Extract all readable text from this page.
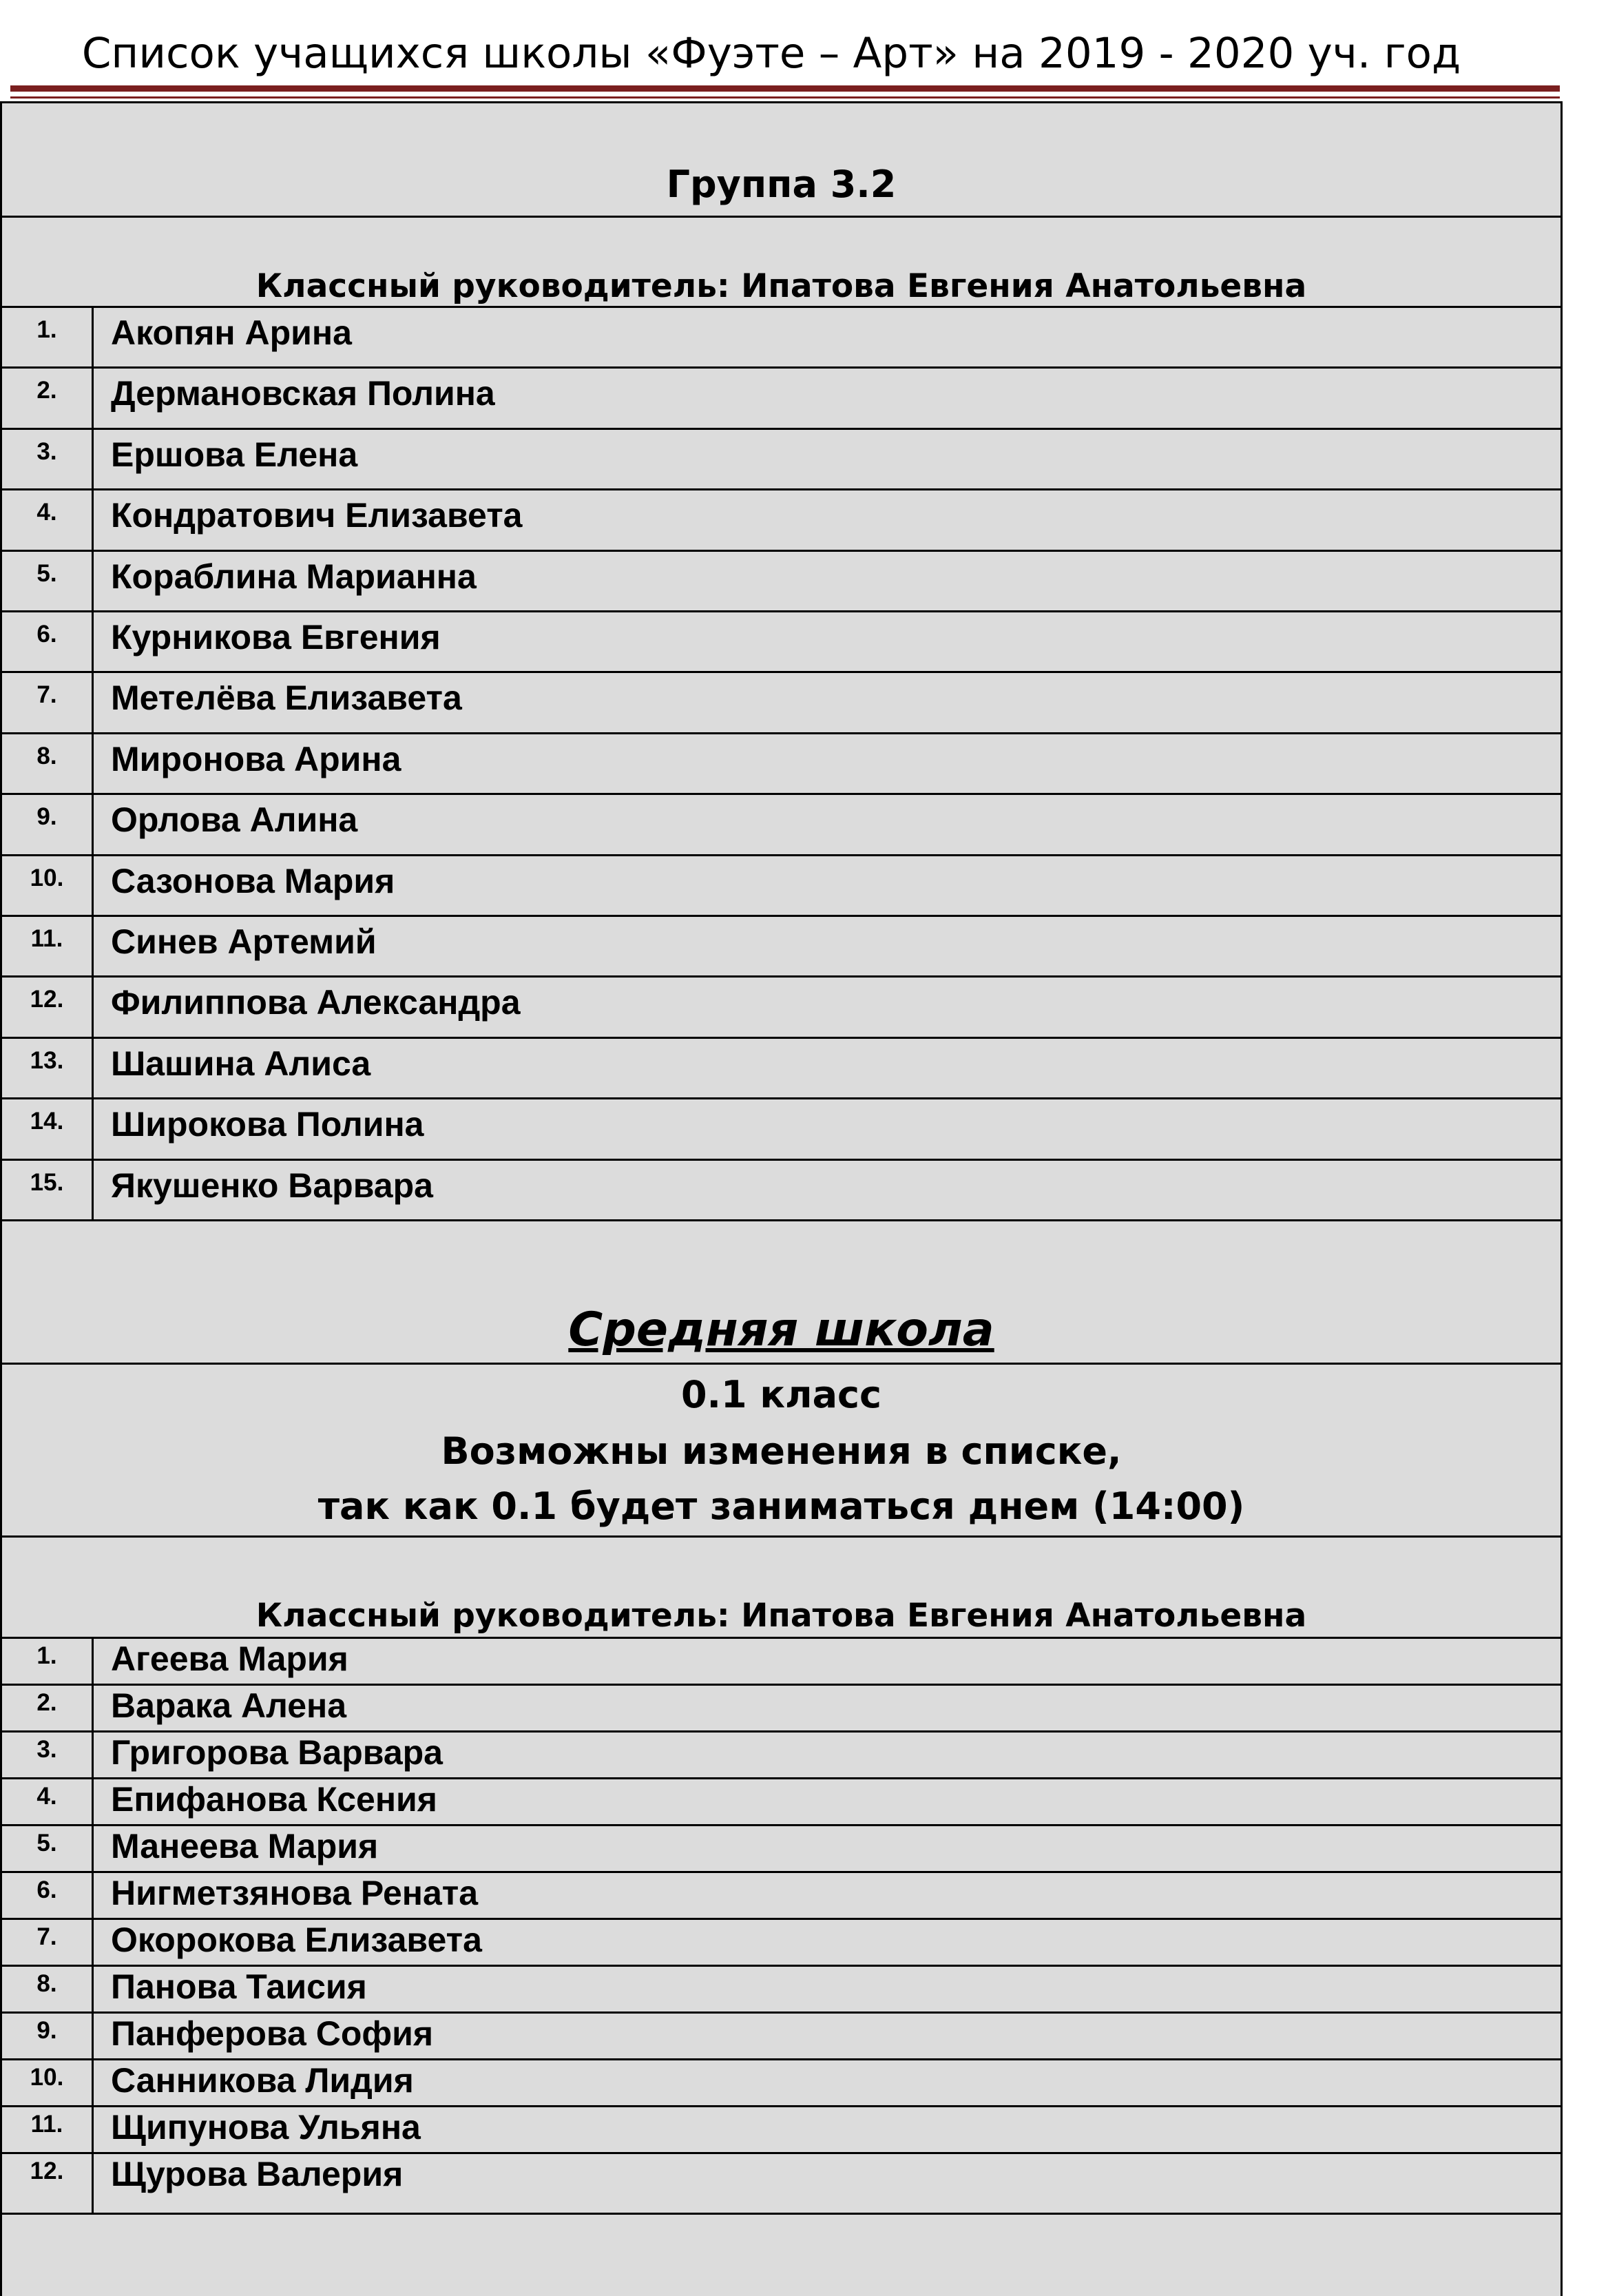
Список учащихся школы «Фуэте – Арт» на 2019 - 2020 уч. год
Группа 3.2
Классный руководитель: Ипатова Евгения Анатольевна
1.	Акопян Арина
2.	Дермановская Полина
3.	Ершова Елена
4.	Кондратович Елизавета
5.	Кораблина Марианна
6.	Курникова Евгения
7.	Метелёва Елизавета
8.	Миронова Арина
9.	Орлова Алина
10.	Сазонова Мария
11.	Синев Артемий
12.	Филиппова Александра
13.	Шашина Алиса
14.	Широкова Полина
15.	Якушенко Варвара
Средняя школа
0.1 класс
Возможны изменения в списке,
так как 0.1 будет заниматься днем (14:00)
Классный руководитель: Ипатова Евгения Анатольевна
1.	Агеева Мария
2.	Варака Алена
3.	Григорова Варвара
4.	Епифанова Ксения
5.	Манеева Мария
6.	Нигметзянова Рената
7.	Окорокова Елизавета
8.	Панова Таисия
9.	Панферова София
10.	Санникова Лидия
11.	Щипунова Ульяна
12.	Щурова Валерия
